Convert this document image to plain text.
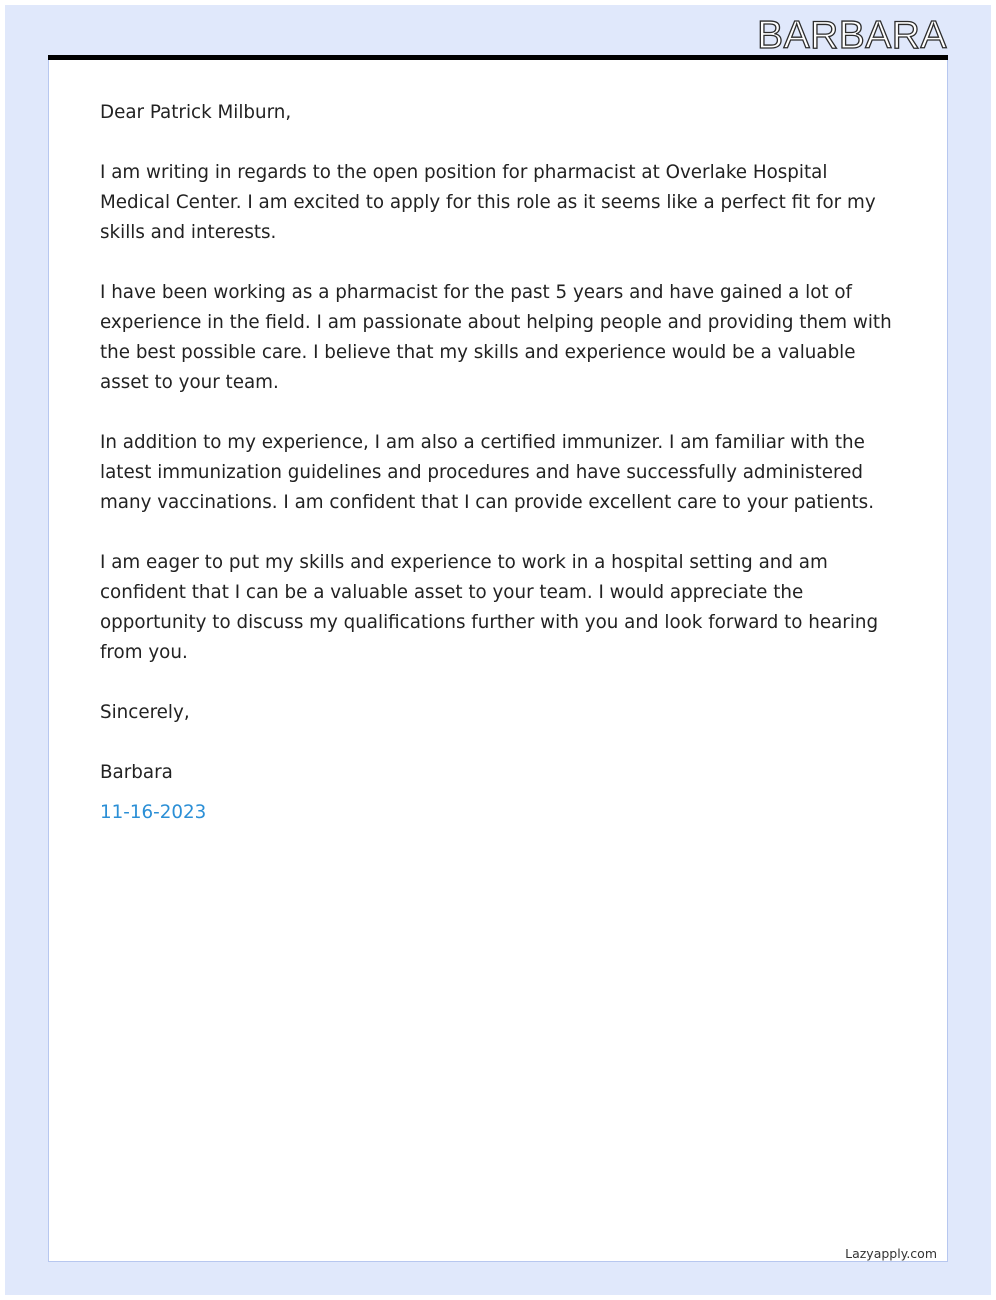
BARBARA

Dear Patrick Milburn,

I am writing in regards to the open position for pharmacist at Overlake Hospital Medical Center. I am excited to apply for this role as it seems like a perfect fit for my skills and interests.

I have been working as a pharmacist for the past 5 years and have gained a lot of experience in the field. I am passionate about helping people and providing them with the best possible care. I believe that my skills and experience would be a valuable asset to your team.

In addition to my experience, I am also a certified immunizer. I am familiar with the latest immunization guidelines and procedures and have successfully administered many vaccinations. I am confident that I can provide excellent care to your patients.

I am eager to put my skills and experience to work in a hospital setting and am confident that I can be a valuable asset to your team. I would appreciate the opportunity to discuss my qualifications further with you and look forward to hearing from you.

Sincerely,

Barbara

11-16-2023

Lazyapply.com
